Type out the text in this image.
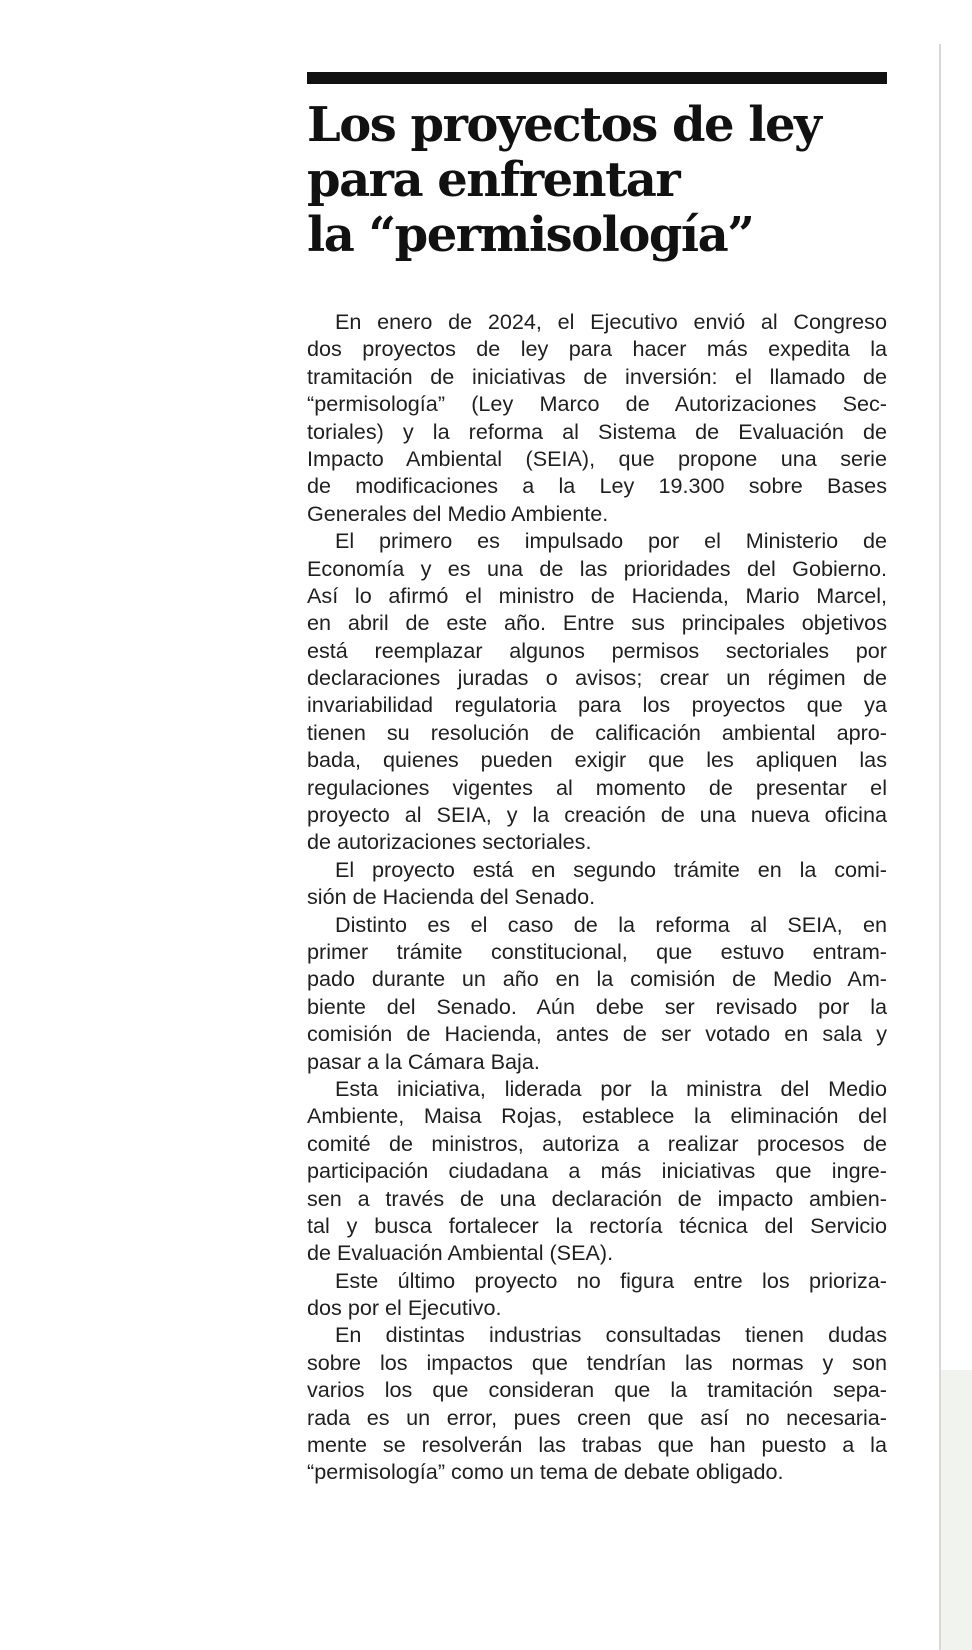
Los proyectos de ley
para enfrentar
la “permisología”
En enero de 2024, el Ejecutivo envió al Congreso
dos proyectos de ley para hacer más expedita la
tramitación de iniciativas de inversión: el llamado de
“permisología” (Ley Marco de Autorizaciones Sec-
toriales) y la reforma al Sistema de Evaluación de
Impacto Ambiental (SEIA), que propone una serie
de modificaciones a la Ley 19.300 sobre Bases
Generales del Medio Ambiente.
El primero es impulsado por el Ministerio de
Economía y es una de las prioridades del Gobierno.
Así lo afirmó el ministro de Hacienda, Mario Marcel,
en abril de este año. Entre sus principales objetivos
está reemplazar algunos permisos sectoriales por
declaraciones juradas o avisos; crear un régimen de
invariabilidad regulatoria para los proyectos que ya
tienen su resolución de calificación ambiental apro-
bada, quienes pueden exigir que les apliquen las
regulaciones vigentes al momento de presentar el
proyecto al SEIA, y la creación de una nueva oficina
de autorizaciones sectoriales.
El proyecto está en segundo trámite en la comi-
sión de Hacienda del Senado.
Distinto es el caso de la reforma al SEIA, en
primer trámite constitucional, que estuvo entram-
pado durante un año en la comisión de Medio Am-
biente del Senado. Aún debe ser revisado por la
comisión de Hacienda, antes de ser votado en sala y
pasar a la Cámara Baja.
Esta iniciativa, liderada por la ministra del Medio
Ambiente, Maisa Rojas, establece la eliminación del
comité de ministros, autoriza a realizar procesos de
participación ciudadana a más iniciativas que ingre-
sen a través de una declaración de impacto ambien-
tal y busca fortalecer la rectoría técnica del Servicio
de Evaluación Ambiental (SEA).
Este último proyecto no figura entre los prioriza-
dos por el Ejecutivo.
En distintas industrias consultadas tienen dudas
sobre los impactos que tendrían las normas y son
varios los que consideran que la tramitación sepa-
rada es un error, pues creen que así no necesaria-
mente se resolverán las trabas que han puesto a la
“permisología” como un tema de debate obligado.
